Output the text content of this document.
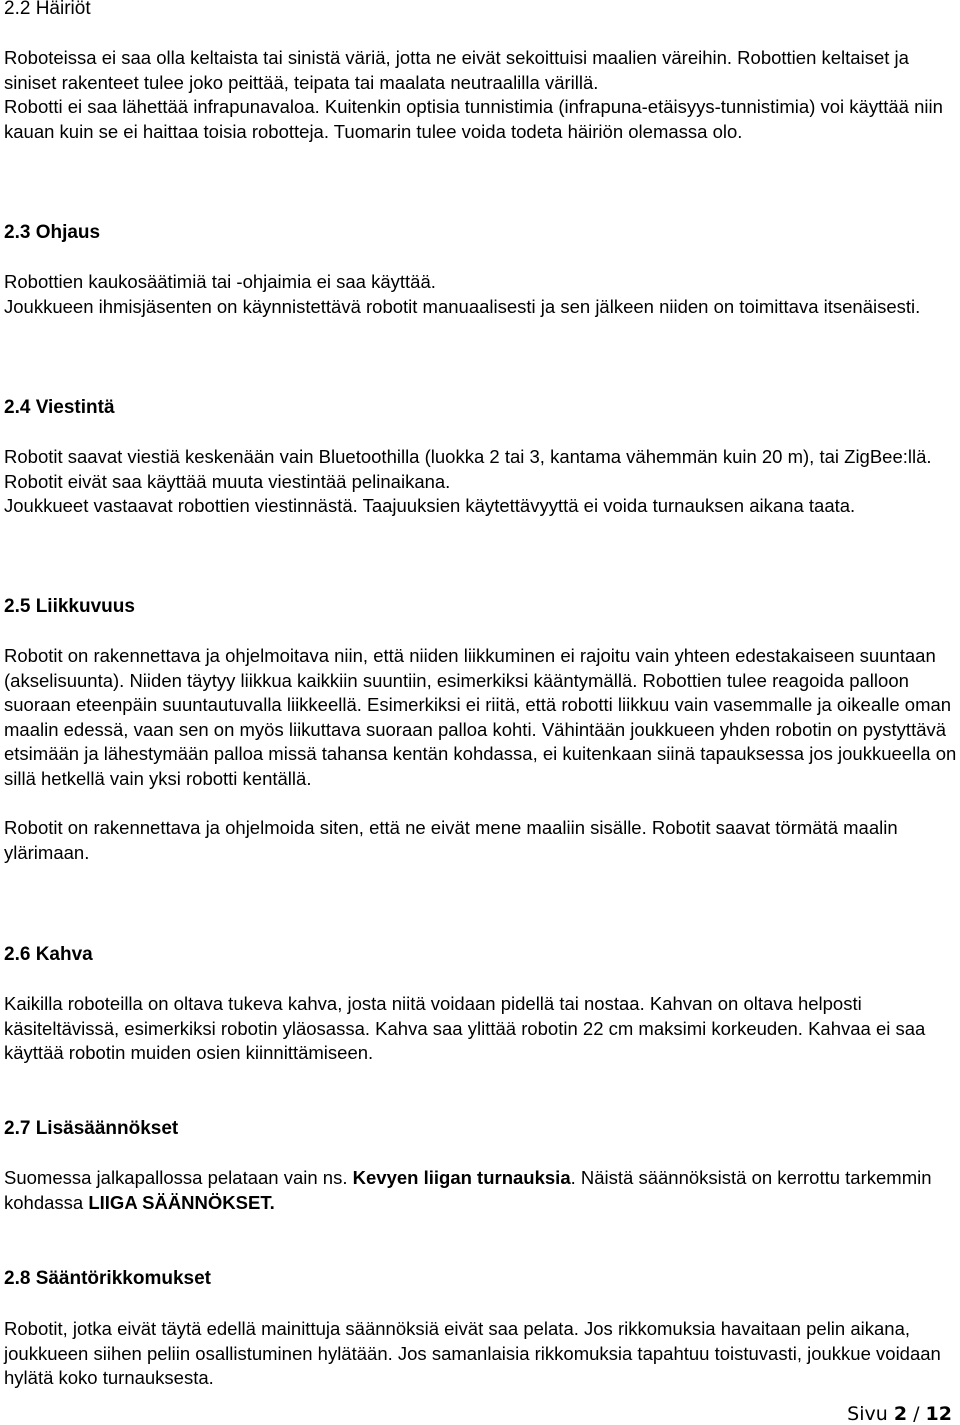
2.2 Häiriöt

Roboteissa ei saa olla keltaista tai sinistä väriä, jotta ne eivät sekoittuisi maalien väreihin. Robottien keltaiset ja siniset rakenteet tulee joko peittää, teipata tai maalata neutraalilla värillä.

Robotti ei saa lähettää infrapunavaloa. Kuitenkin optisia tunnistimia (infrapuna-etäisyys-tunnistimia) voi käyttää niin kauan kuin se ei haittaa toisia robotteja. Tuomarin tulee voida todeta häiriön olemassa olo.

2.3 Ohjaus

Robottien kaukosäätimiä tai -ohjaimia ei saa käyttää.

Joukkueen ihmisjäsenten on käynnistettävä robotit manuaalisesti ja sen jälkeen niiden on toimittava itsenäisesti.

2.4 Viestintä

Robotit saavat viestiä keskenään vain Bluetoothilla (luokka 2 tai 3, kantama vähemmän kuin 20 m), tai ZigBee:llä. Robotit eivät saa käyttää muuta viestintää pelinaikana.

Joukkueet vastaavat robottien viestinnästä. Taajuuksien käytettävyyttä ei voida turnauksen aikana taata.

2.5 Liikkuvuus

Robotit on rakennettava ja ohjelmoitava niin, että niiden liikkuminen ei rajoitu vain yhteen edestakaiseen suuntaan (akselisuunta). Niiden täytyy liikkua kaikkiin suuntiin, esimerkiksi kääntymällä. Robottien tulee reagoida palloon suoraan eteenpäin suuntautuvalla liikkeellä. Esimerkiksi ei riitä, että robotti liikkuu vain vasemmalle ja oikealle oman maalin edessä, vaan sen on myös liikuttava suoraan palloa kohti. Vähintään joukkueen yhden robotin on pystyttävä etsimään ja lähestymään palloa missä tahansa kentän kohdassa, ei kuitenkaan siinä tapauksessa jos joukkueella on sillä hetkellä vain yksi robotti kentällä.

Robotit on rakennettava ja ohjelmoida siten, että ne eivät mene maaliin sisälle. Robotit saavat törmätä maalin ylärimaan.

2.6 Kahva

Kaikilla roboteilla on oltava tukeva kahva, josta niitä voidaan pidellä tai nostaa. Kahvan on oltava helposti käsiteltävissä, esimerkiksi robotin yläosassa. Kahva saa ylittää robotin 22 cm maksimi korkeuden. Kahvaa ei saa käyttää robotin muiden osien kiinnittämiseen.

2.7 Lisäsäännökset

Suomessa jalkapallossa pelataan vain ns. Kevyen liigan turnauksia. Näistä säännöksistä on kerrottu tarkemmin kohdassa LIIGA SÄÄNNÖKSET.

2.8 Sääntörikkomukset

Robotit, jotka eivät täytä edellä mainittuja säännöksiä eivät saa pelata. Jos rikkomuksia havaitaan pelin aikana, joukkueen siihen peliin osallistuminen hylätään. Jos samanlaisia rikkomuksia tapahtuu toistuvasti, joukkue voidaan hylätä koko turnauksesta.

Sivu 2 / 12
